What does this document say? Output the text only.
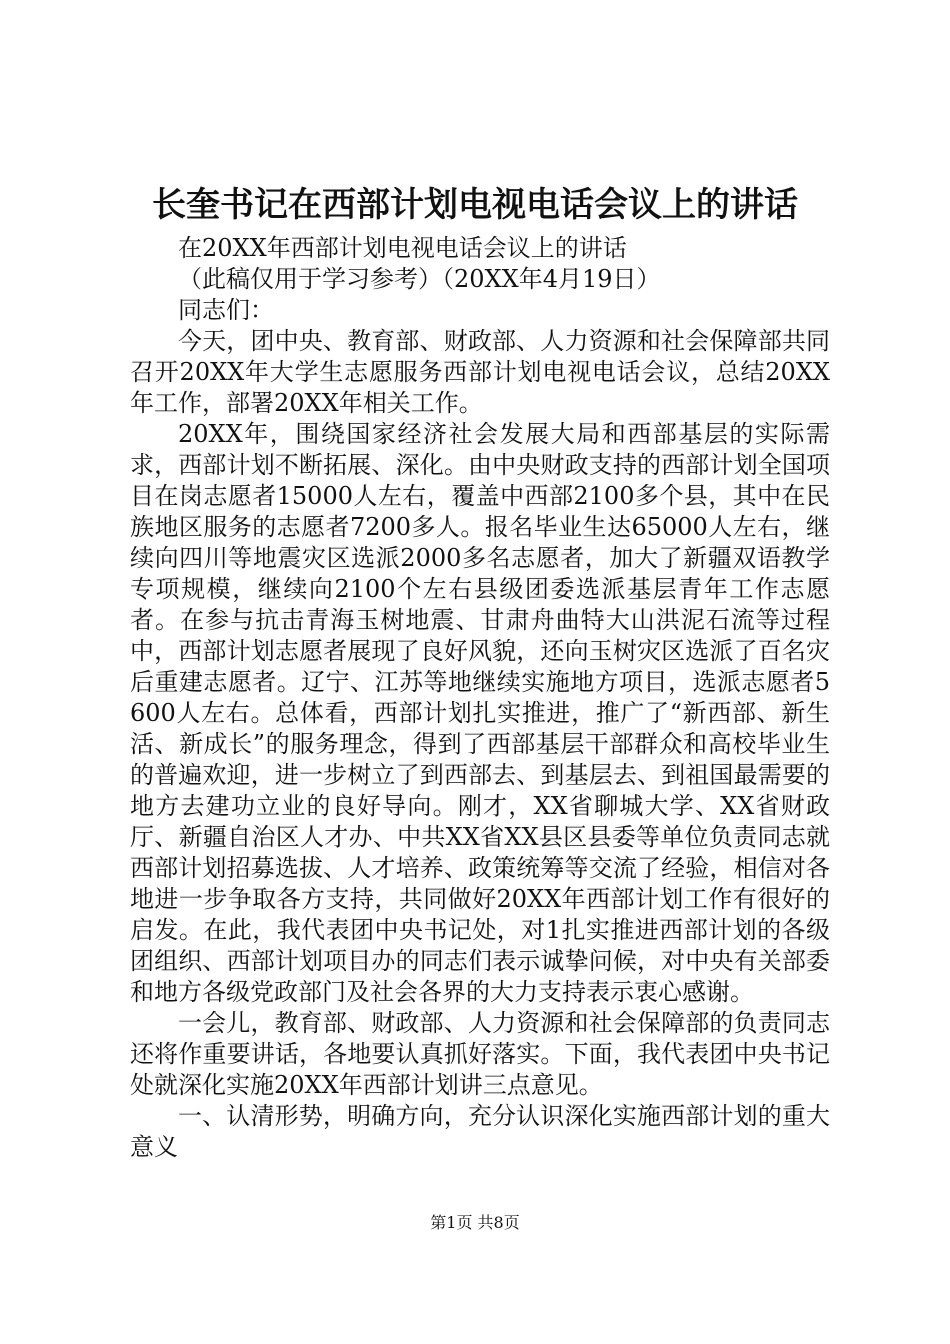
长奎书记在西部计划电视电话会议上的讲话

在20XX年西部计划电视电话会议上的讲话

（此稿仅用于学习参考）（20XX年4月19日）

同志们：

今天，团中央、教育部、财政部、人力资源和社会保障部共同召开20XX年大学生志愿服务西部计划电视电话会议，总结20XX年工作，部署20XX年相关工作。

20XX年，围绕国家经济社会发展大局和西部基层的实际需求，西部计划不断拓展、深化。由中央财政支持的西部计划全国项目在岗志愿者15000人左右，覆盖中西部2100多个县，其中在民族地区服务的志愿者7200多人。报名毕业生达65000人左右，继续向四川等地震灾区选派2000多名志愿者，加大了新疆双语教学专项规模，继续向2100个左右县级团委选派基层青年工作志愿者。在参与抗击青海玉树地震、甘肃舟曲特大山洪泥石流等过程中，西部计划志愿者展现了良好风貌，还向玉树灾区选派了百名灾后重建志愿者。辽宁、江苏等地继续实施地方项目，选派志愿者5600人左右。总体看，西部计划扎实推进，推广了“新西部、新生活、新成长”的服务理念，得到了西部基层干部群众和高校毕业生的普遍欢迎，进一步树立了到西部去、到基层去、到祖国最需要的地方去建功立业的良好导向。刚才，XX省聊城大学、XX省财政厅、新疆自治区人才办、中共XX省XX县区县委等单位负责同志就西部计划招募选拔、人才培养、政策统筹等交流了经验，相信对各地进一步争取各方支持，共同做好20XX年西部计划工作有很好的启发。在此，我代表团中央书记处，对1扎实推进西部计划的各级团组织、西部计划项目办的同志们表示诚挚问候，对中央有关部委和地方各级党政部门及社会各界的大力支持表示衷心感谢。

一会儿，教育部、财政部、人力资源和社会保障部的负责同志还将作重要讲话，各地要认真抓好落实。下面，我代表团中央书记处就深化实施20XX年西部计划讲三点意见。

一、认清形势，明确方向，充分认识深化实施西部计划的重大意义

第1页 共8页
